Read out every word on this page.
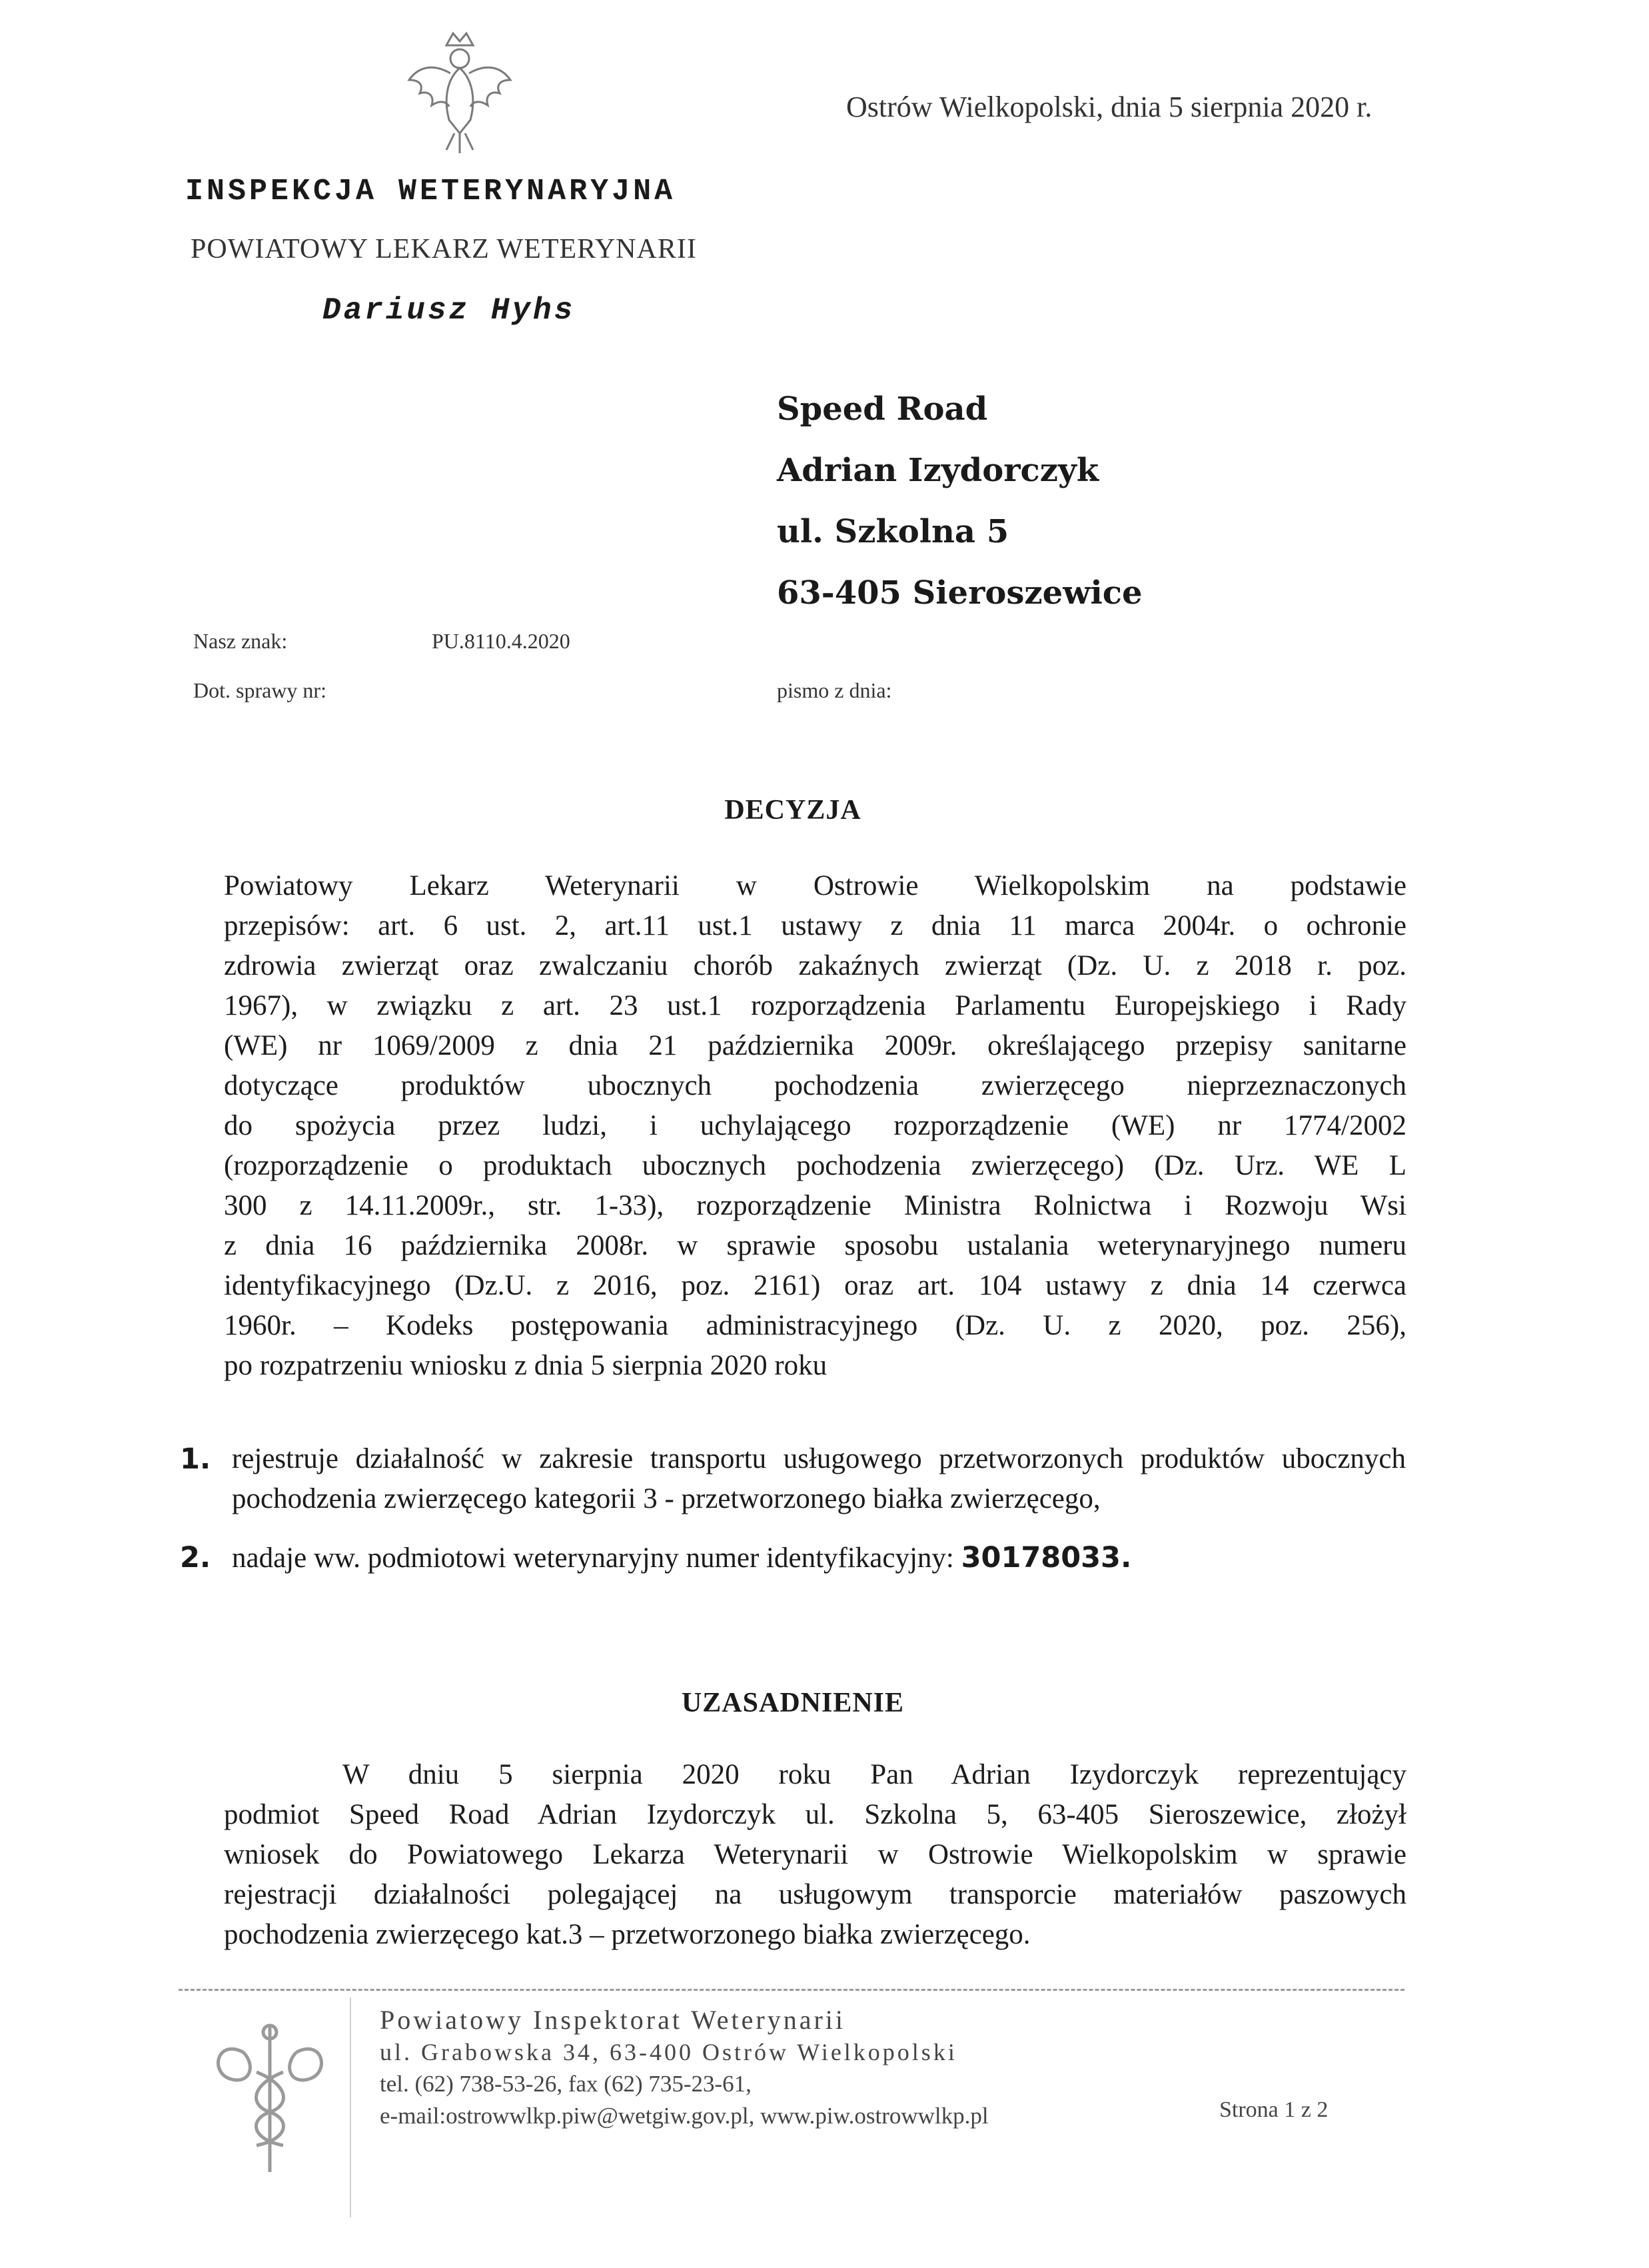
Ostrów Wielkopolski, dnia 5 sierpnia 2020 r.
INSPEKCJA WETERYNARYJNA
POWIATOWY LEKARZ WETERYNARII
Dariusz Hyhs
Speed Road
Adrian Izydorczyk
ul. Szkolna 5
63-405 Sieroszewice
Nasz znak:	PU.8110.4.2020
Dot. sprawy nr:	pismo z dnia:
DECYZJA
Powiatowy Lekarz Weterynarii w Ostrowie Wielkopolskim na podstawie
przepisów: art. 6 ust. 2, art.11 ust.1 ustawy z dnia 11 marca 2004r. o ochronie
zdrowia zwierząt oraz zwalczaniu chorób zakaźnych zwierząt (Dz. U. z 2018 r. poz.
1967), w związku z art. 23 ust.1 rozporządzenia Parlamentu Europejskiego i Rady
(WE) nr 1069/2009 z dnia 21 października 2009r. określającego przepisy sanitarne
dotyczące produktów ubocznych pochodzenia zwierzęcego nieprzeznaczonych
do spożycia przez ludzi, i uchylającego rozporządzenie (WE) nr 1774/2002
(rozporządzenie o produktach ubocznych pochodzenia zwierzęcego) (Dz. Urz. WE L
300 z 14.11.2009r., str. 1-33), rozporządzenie Ministra Rolnictwa i Rozwoju Wsi
z dnia 16 października 2008r. w sprawie sposobu ustalania weterynaryjnego numeru
identyfikacyjnego (Dz.U. z 2016, poz. 2161) oraz art. 104 ustawy z dnia 14 czerwca
1960r. – Kodeks postępowania administracyjnego (Dz. U. z 2020, poz. 256),
po rozpatrzeniu wniosku z dnia 5 sierpnia 2020 roku
1. rejestruje działalność w zakresie transportu usługowego przetworzonych produktów ubocznych pochodzenia zwierzęcego kategorii 3 - przetworzonego białka zwierzęcego,
2. nadaje ww. podmiotowi weterynaryjny numer identyfikacyjny: 30178033.
UZASADNIENIE
W dniu 5 sierpnia 2020 roku Pan Adrian Izydorczyk reprezentujący
podmiot Speed Road Adrian Izydorczyk ul. Szkolna 5, 63-405 Sieroszewice, złożył
wniosek do Powiatowego Lekarza Weterynarii w Ostrowie Wielkopolskim w sprawie
rejestracji działalności polegającej na usługowym transporcie materiałów paszowych
pochodzenia zwierzęcego kat.3 – przetworzonego białka zwierzęcego.
Powiatowy Inspektorat Weterynarii
ul. Grabowska 34, 63-400 Ostrów Wielkopolski
tel. (62) 738-53-26, fax (62) 735-23-61,
e-mail:ostrowwlkp.piw@wetgiw.gov.pl, www.piw.ostrowwlkp.pl	Strona 1 z 2
